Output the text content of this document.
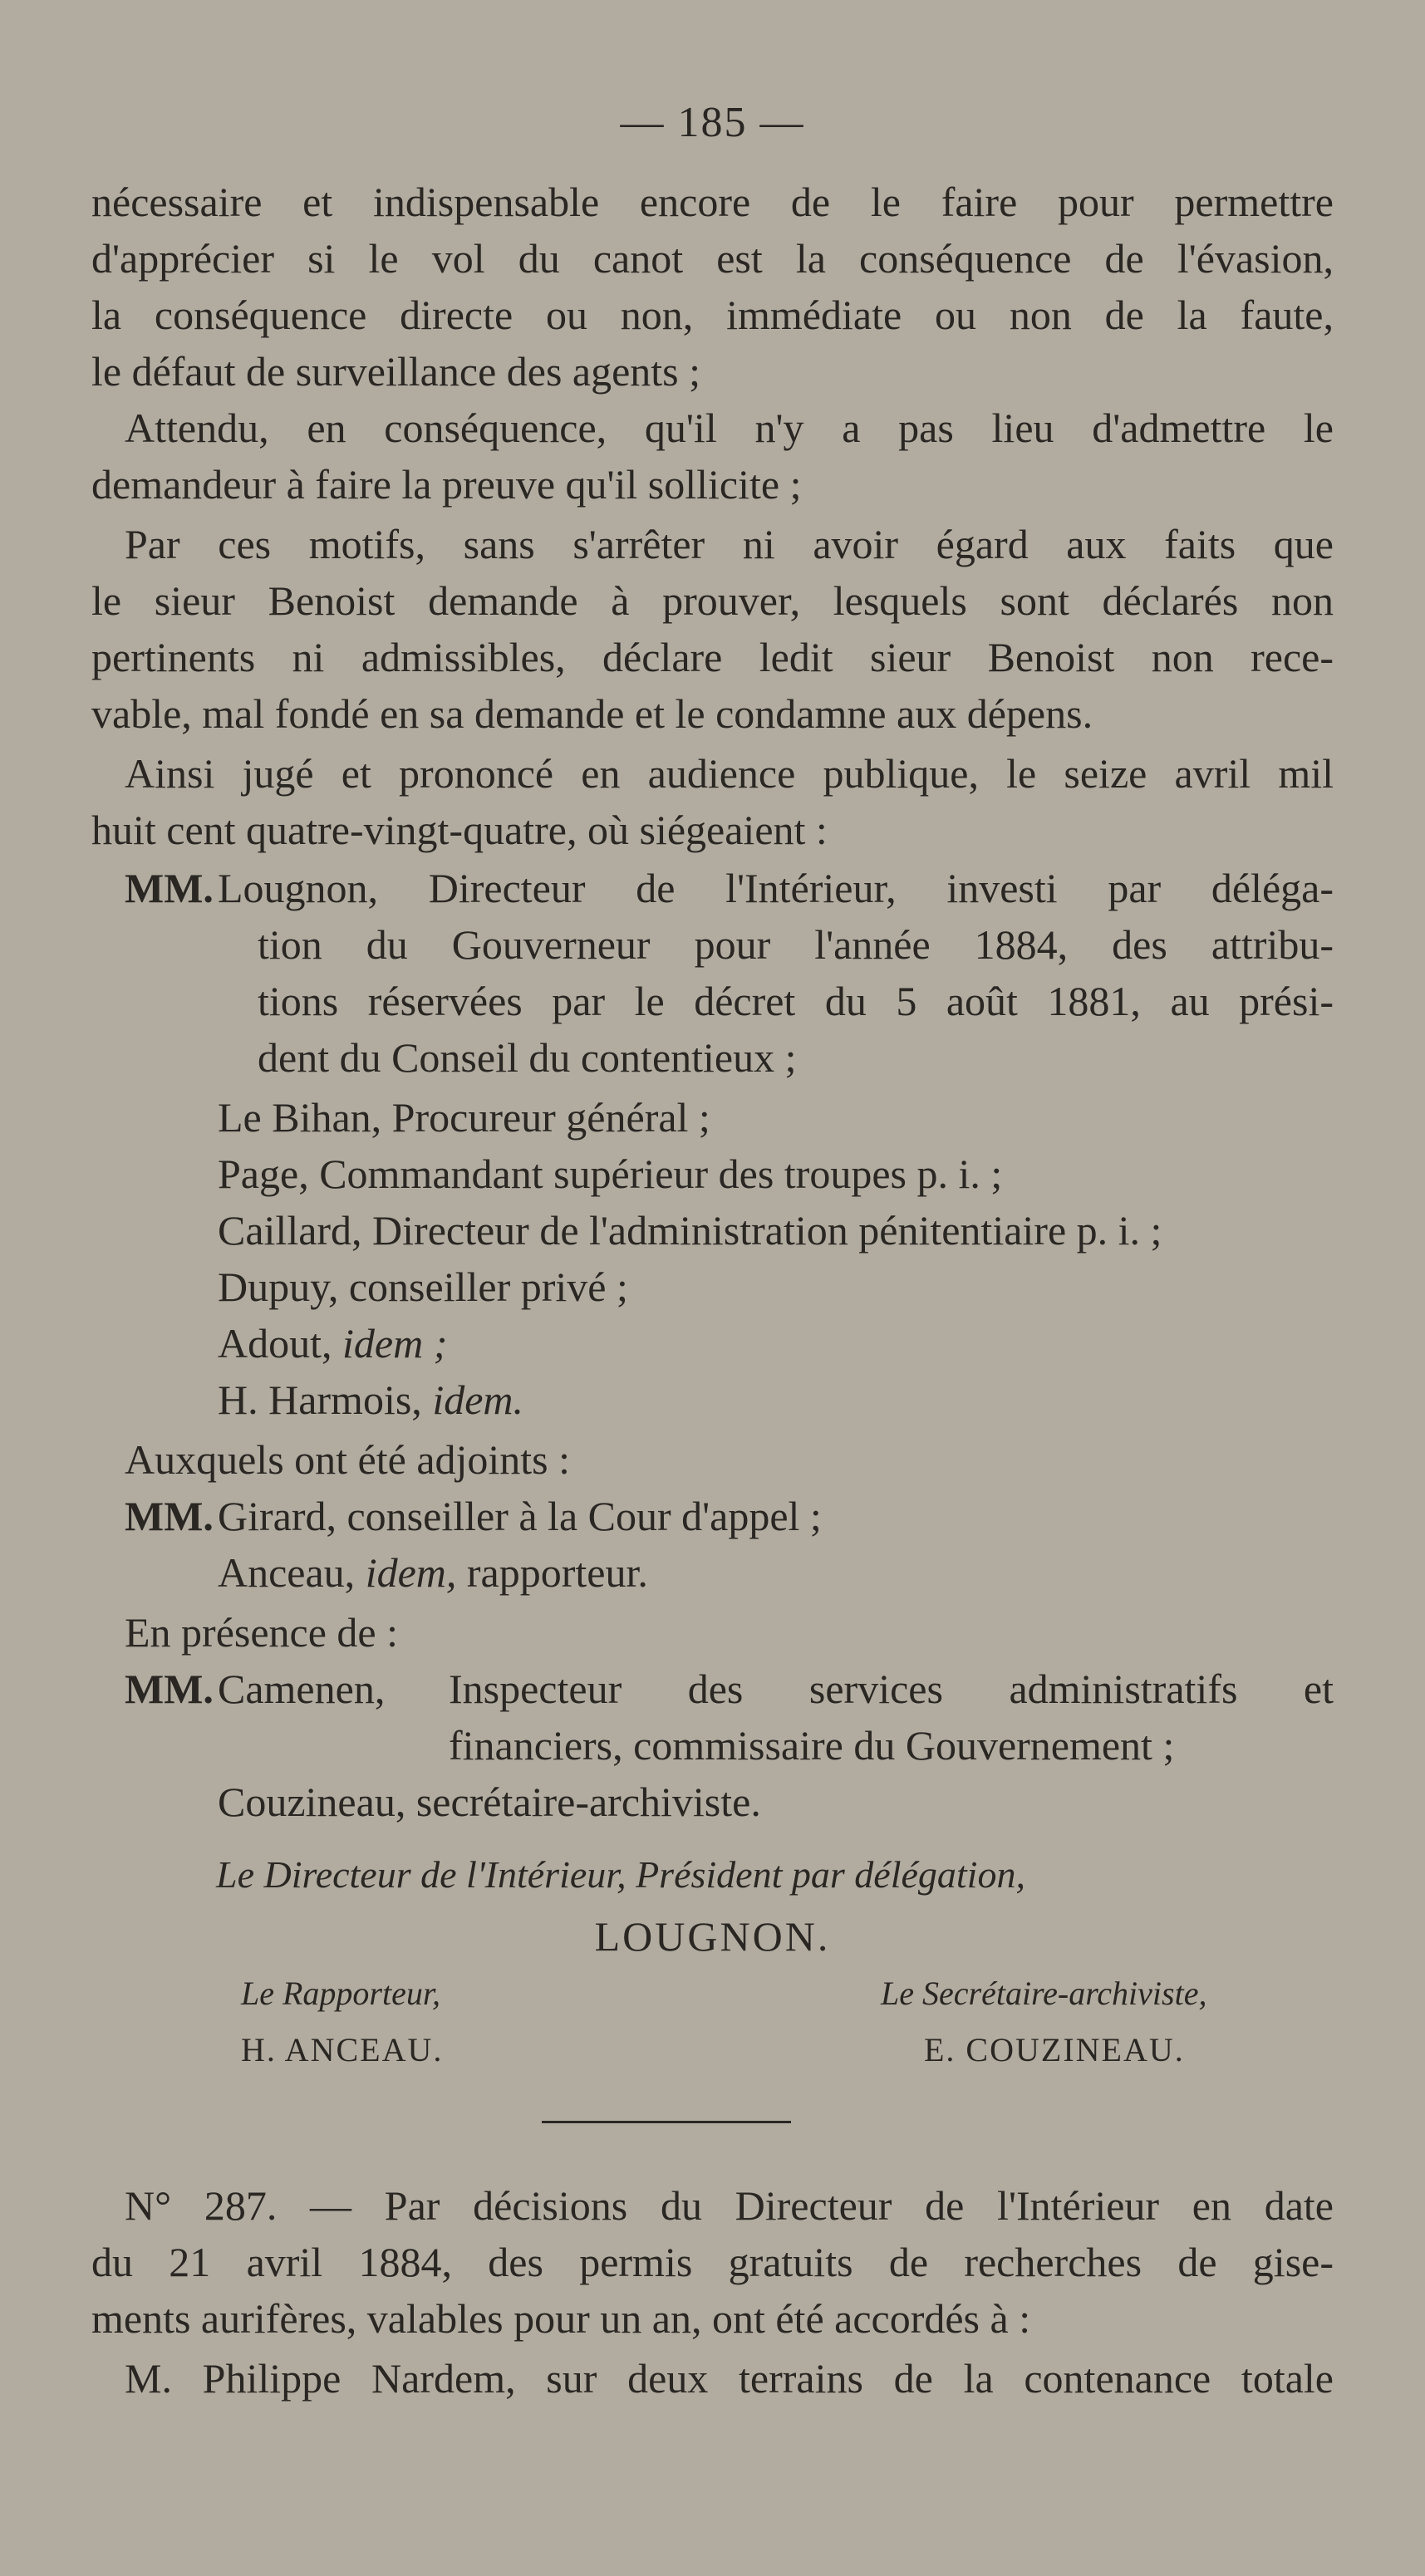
— 185 —
nécessaire et indispensable encore de le faire pour permettre
d'apprécier si le vol du canot est la conséquence de l'évasion,
la conséquence directe ou non, immédiate ou non de la faute,
le défaut de surveillance des agents ;
Attendu, en conséquence, qu'il n'y a pas lieu d'admettre le
demandeur à faire la preuve qu'il sollicite ;
Par ces motifs, sans s'arrêter ni avoir égard aux faits que
le sieur Benoist demande à prouver, lesquels sont déclarés non
pertinents ni admissibles, déclare ledit sieur Benoist non rece-
vable, mal fondé en sa demande et le condamne aux dépens.
Ainsi jugé et prononcé en audience publique, le seize avril mil
huit cent quatre-vingt-quatre, où siégeaient :
MM. Lougnon, Directeur de l'Intérieur, investi par déléga-
tion du Gouverneur pour l'année 1884, des attribu-
tions réservées par le décret du 5 août 1881, au prési-
dent du Conseil du contentieux ;
Le Bihan, Procureur général ;
Page, Commandant supérieur des troupes p. i. ;
Caillard, Directeur de l'administration pénitentiaire p. i. ;
Dupuy, conseiller privé ;
Adout, idem ;
H. Harmois, idem.
Auxquels ont été adjoints :
MM. Girard, conseiller à la Cour d'appel ;
Anceau, idem, rapporteur.
En présence de :
MM. Camenen, Inspecteur des services administratifs et
financiers, commissaire du Gouvernement ;
Couzineau, secrétaire-archiviste.
Le Directeur de l'Intérieur, Président par délégation,
LOUGNON.
Le Rapporteur,	Le Secrétaire-archiviste,
H. ANCEAU.	E. COUZINEAU.
N° 287. — Par décisions du Directeur de l'Intérieur en date
du 21 avril 1884, des permis gratuits de recherches de gise-
ments aurifères, valables pour un an, ont été accordés à :
M. Philippe Nardem, sur deux terrains de la contenance totale
